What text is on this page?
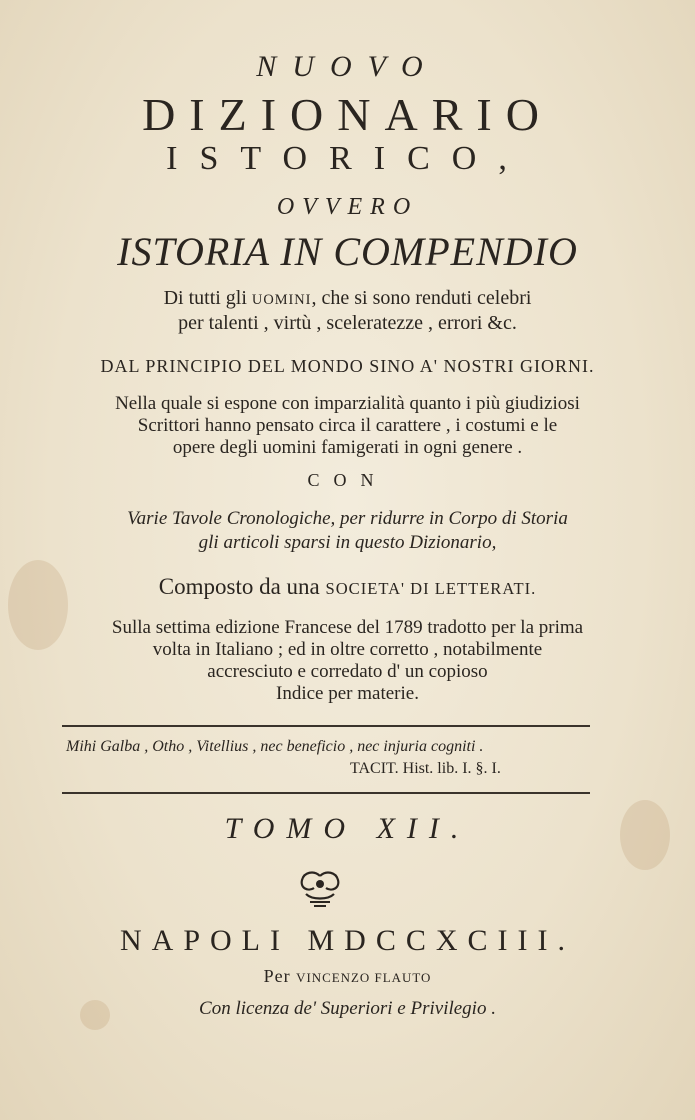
NUOVO
DIZIONARIO
ISTORICO,
OVVERO
ISTORIA IN COMPENDIO
Di tutti gli UOMINI, che si sono renduti celebri
per talenti , virtù , sceleratezze , errori &c.
DAL PRINCIPIO DEL MONDO SINO A' NOSTRI GIORNI.
Nella quale si espone con imparzialità quanto i più giudiziosi
Scrittori hanno pensato circa il carattere , i costumi e le
opere degli uomini famigerati in ogni genere .
CON
Varie Tavole Cronologiche, per ridurre in Corpo di Storia
gli articoli sparsi in questo Dizionario,
Composto da una SOCIETA' DI LETTERATI.
Sulla settima edizione Francese del 1789 tradotto per la prima
volta in Italiano ; ed in oltre corretto , notabilmente
accresciuto e corredato d' un copioso
Indice per materie.
Mihi Galba , Otho , Vitellius , nec beneficio , nec injuria cogniti .
TACIT. Hist. lib. I. §. I.
TOMO XII.
NAPOLI MDCCXCIII.
Per VINCENZO FLAUTO
Con licenza de' Superiori e Privilegio .
